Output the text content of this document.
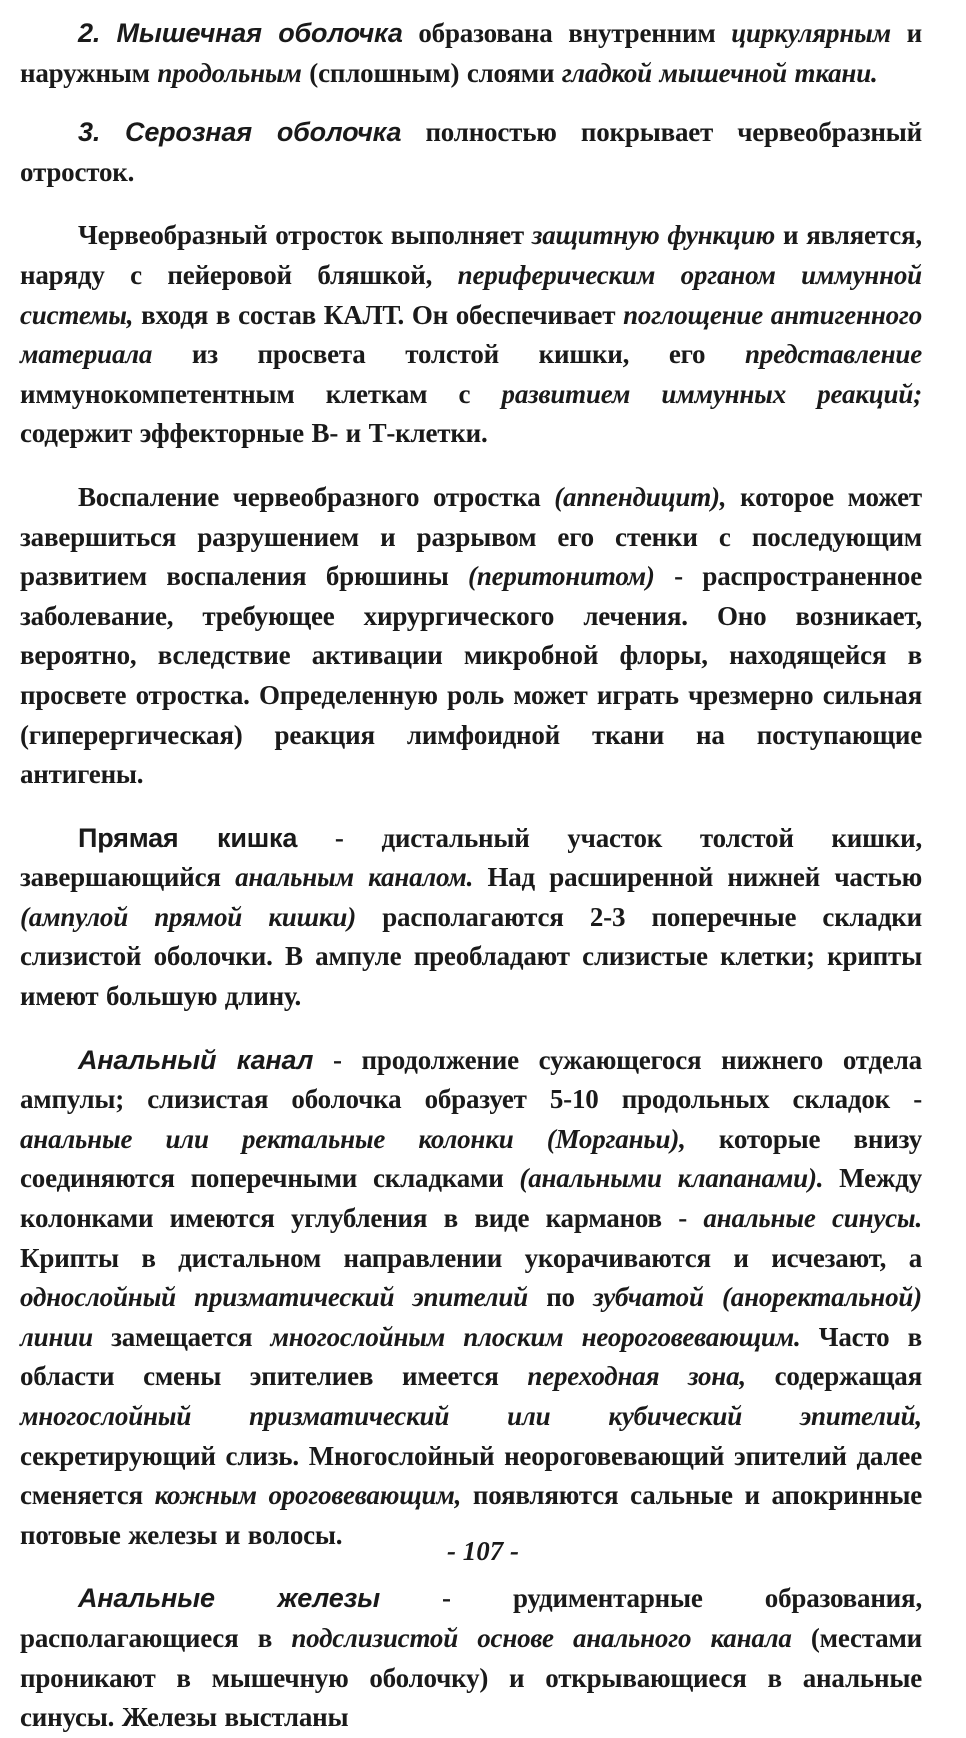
2. Мышечная оболочка образована внутренним циркулярным и наружным продольным (сплошным) слоями гладкой мышечной ткани.

3. Серозная оболочка полностью покрывает червеобразный отросток.

Червеобразный отросток выполняет защитную функцию и является, наряду с пейеровой бляшкой, периферическим органом иммунной системы, входя в состав КАЛТ. Он обеспечивает поглощение антигенного материала из просвета толстой кишки, его представление иммунокомпетентным клеткам с развитием иммунных реакций; содержит эффекторные В- и Т-клетки.

Воспаление червеобразного отростка (аппендицит), которое может завершиться разрушением и разрывом его стенки с последующим развитием воспаления брюшины (перитонитом) - распространенное заболевание, требующее хирургического лечения. Оно возникает, вероятно, вследствие активации микробной флоры, находящейся в просвете отростка. Определенную роль может играть чрезмерно сильная (гиперергическая) реакция лимфоидной ткани на поступающие антигены.

Прямая кишка - дистальный участок толстой кишки, завершающийся анальным каналом. Над расширенной нижней частью (ампулой прямой кишки) располагаются 2-3 поперечные складки слизистой оболочки. В ампуле преобладают слизистые клетки; крипты имеют большую длину.

Анальный канал - продолжение сужающегося нижнего отдела ампулы; слизистая оболочка образует 5-10 продольных складок - анальные или ректальные колонки (Морганьи), которые внизу соединяются поперечными складками (анальными клапанами). Между колонками имеются углубления в виде карманов - анальные синусы. Крипты в дистальном направлении укорачиваются и исчезают, а однослойный призматический эпителий по зубчатой (аноректальной) линии замещается многослойным плоским неороговевающим. Часто в области смены эпителиев имеется переходная зона, содержащая многослойный призматический или кубический эпителий, секретирующий слизь. Многослойный неороговевающий эпителий далее сменяется кожным ороговевающим, появляются сальные и апокринные потовые железы и волосы.

Анальные железы - рудиментарные образования, располагающиеся в подслизистой основе анального канала (местами проникают в мышечную оболочку) и открывающиеся в анальные синусы. Железы выстланы

- 107 -
